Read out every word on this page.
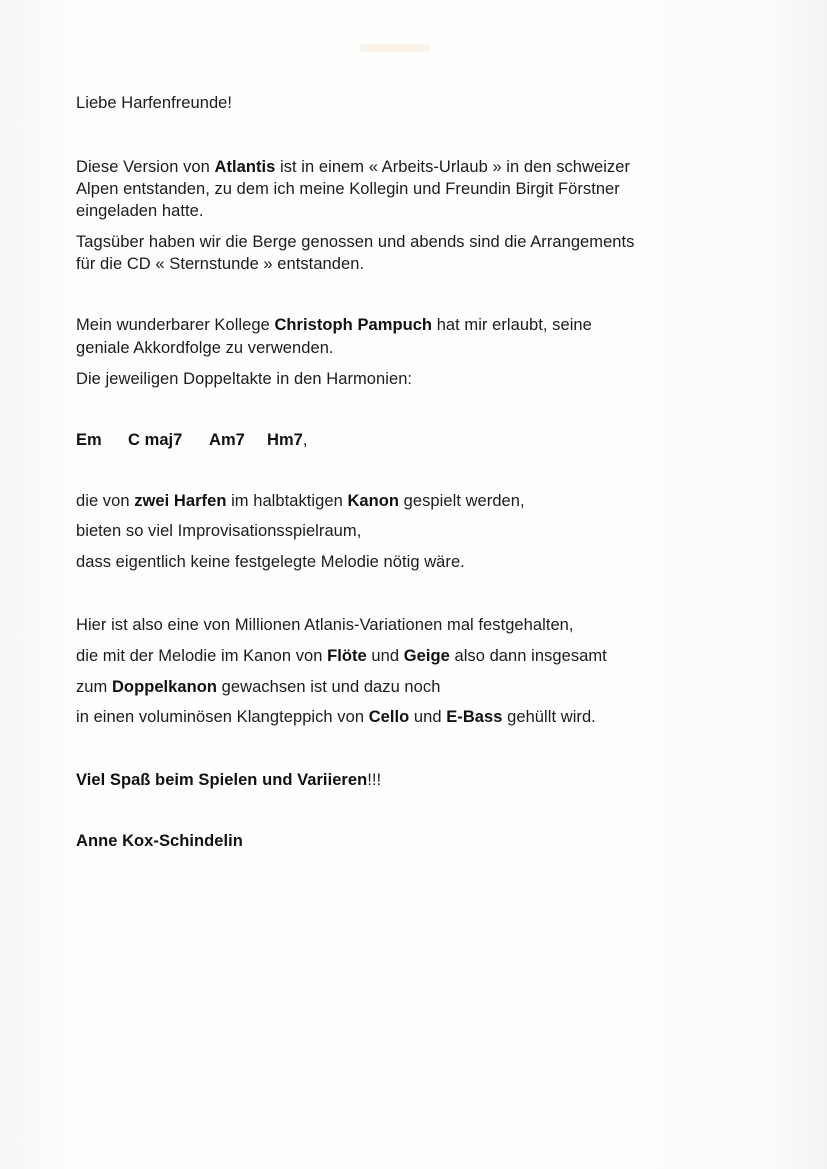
Liebe Harfenfreunde!
Diese Version von Atlantis ist in einem « Arbeits-Urlaub » in den schweizer
Alpen entstanden, zu dem ich meine Kollegin und Freundin Birgit Förstner
eingeladen hatte.
Tagsüber haben wir die Berge genossen und abends sind die Arrangements
für die CD « Sternstunde » entstanden.
Mein wunderbarer Kollege Christoph Pampuch hat mir erlaubt, seine
geniale Akkordfolge zu verwenden.
Die jeweiligen Doppeltakte in den Harmonien:
Em C maj7 Am7 Hm7,
die von zwei Harfen im halbtaktigen Kanon gespielt werden,
bieten so viel Improvisationsspielraum,
dass eigentlich keine festgelegte Melodie nötig wäre.
Hier ist also eine von Millionen Atlanis-Variationen mal festgehalten,
die mit der Melodie im Kanon von Flöte und Geige also dann insgesamt
zum Doppelkanon gewachsen ist und dazu noch
in einen voluminösen Klangteppich von Cello und E-Bass gehüllt wird.
Viel Spaß beim Spielen und Variieren!!!
Anne Kox-Schindelin
